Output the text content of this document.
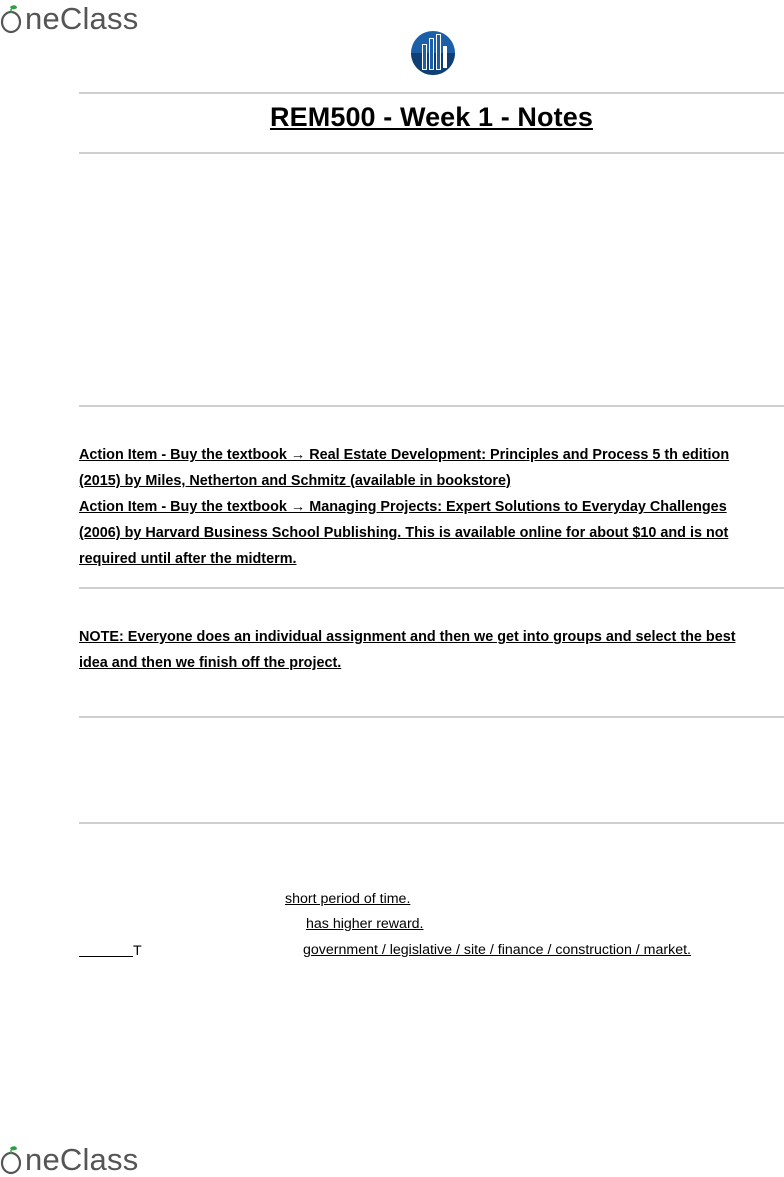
neClass
REM500 - Week 1 - Notes
Action Item - Buy the textbook → Real Estate Development: Principles and Process 5 th edition
(2015) by Miles, Netherton and Schmitz (available in bookstore)
Action Item - Buy the textbook → Managing Projects: Expert Solutions to Everyday Challenges
(2006) by Harvard Business School Publishing. This is available online for about $10 and is not
required until after the midterm.
NOTE: Everyone does an individual assignment and then we get into groups and select the best
idea and then we finish off the project.
short period of time.
has higher reward.
T	government / legislative / site / finance / construction / market.
neClass
